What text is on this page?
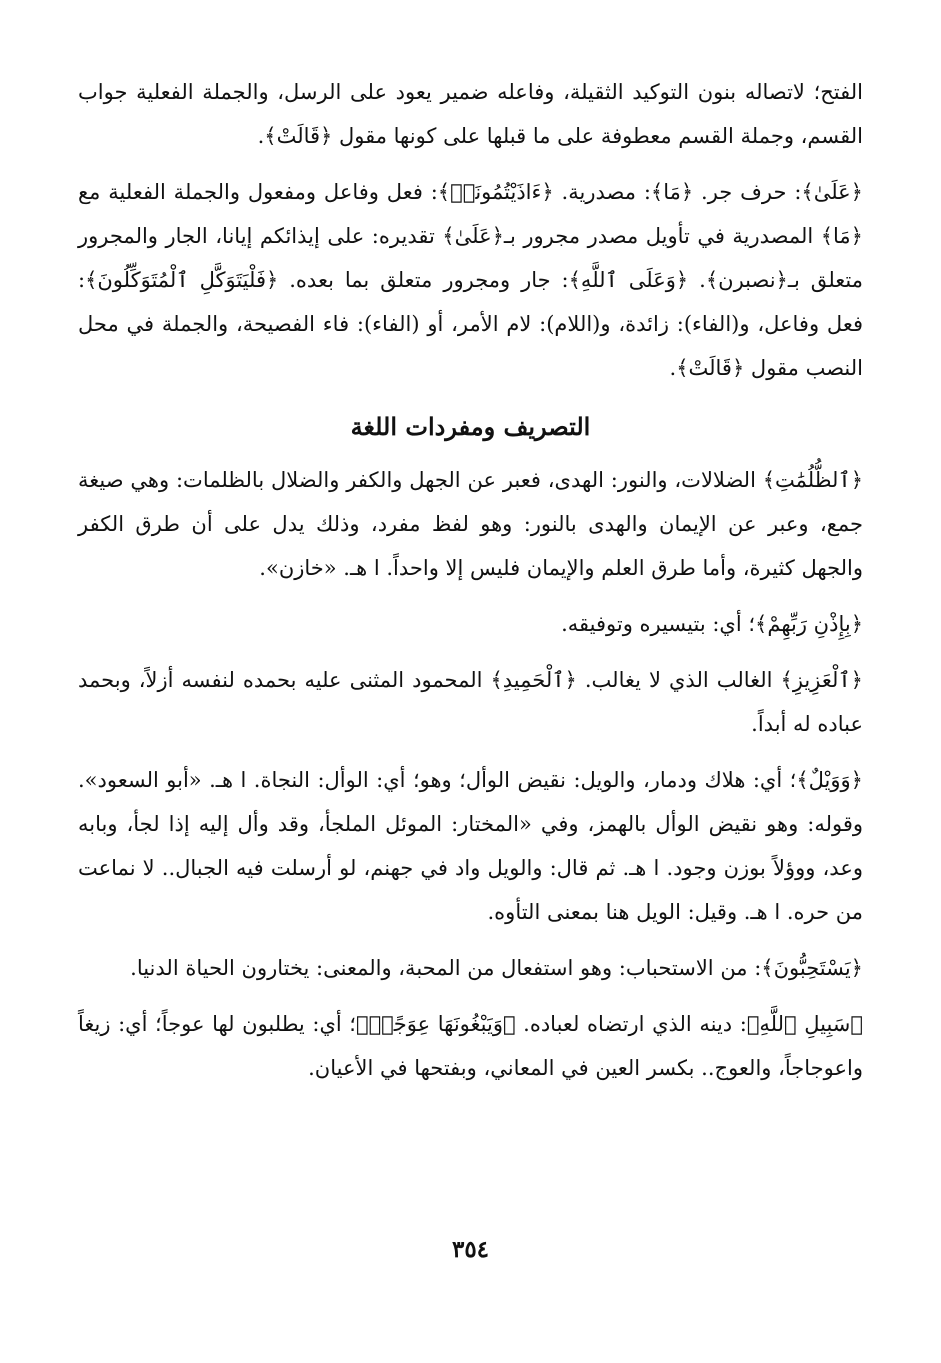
الفتح؛ لاتصاله بنون التوكيد الثقيلة، وفاعله ضمير يعود على الرسل، والجملة الفعلية جواب القسم، وجملة القسم معطوفة على ما قبلها على كونها مقول ﴿قَالَتْ﴾.

﴿عَلَىٰ﴾: حرف جر. ﴿مَا﴾: مصدرية. ﴿ءَاذَيْتُمُونَاۚ﴾: فعل وفاعل ومفعول والجملة الفعلية مع ﴿مَا﴾ المصدرية في تأويل مصدر مجرور بـ﴿عَلَىٰ﴾ تقديره: على إيذائكم إيانا، الجار والمجرور متعلق بـ﴿نصبرن﴾. ﴿وَعَلَى ٱللَّهِ﴾: جار ومجرور متعلق بما بعده. ﴿فَلْيَتَوَكَّلِ ٱلْمُتَوَكِّلُونَ﴾: فعل وفاعل، و(الفاء): زائدة، و(اللام): لام الأمر، أو (الفاء): فاء الفصيحة، والجملة في محل النصب مقول ﴿قَالَتْ﴾.

التصريف ومفردات اللغة

﴿ٱلظُّلُمَٰتِ﴾ الضلالات، والنور: الهدى، فعبر عن الجهل والكفر والضلال بالظلمات: وهي صيغة جمع، وعبر عن الإيمان والهدى بالنور: وهو لفظ مفرد، وذلك يدل على أن طرق الكفر والجهل كثيرة، وأما طرق العلم والإيمان فليس إلا واحداً. ا هـ. «خازن».

﴿بِإِذْنِ رَبِّهِمْ﴾؛ أي: بتيسيره وتوفيقه.

﴿ٱلْعَزِيزِ﴾ الغالب الذي لا يغالب. ﴿ٱلْحَمِيدِ﴾ المحمود المثنى عليه بحمده لنفسه أزلاً، وبحمد عباده له أبداً.

﴿وَوَيْلٌ﴾؛ أي: هلاك ودمار، والويل: نقيض الوأل؛ وهو؛ أي: الوأل: النجاة. ا هـ. «أبو السعود». وقوله: وهو نقيض الوأل بالهمز، وفي «المختار: الموئل الملجأ، وقد وأل إليه إذا لجأ، وبابه وعد، ووؤلاً بوزن وجود. ا هـ. ثم قال: والويل واد في جهنم، لو أرسلت فيه الجبال.. لا نماعت من حره. ا هـ. وقيل: الويل هنا بمعنى التأوه.

﴿يَسْتَحِبُّونَ﴾: من الاستحباب: وهو استفعال من المحبة، والمعنى: يختارون الحياة الدنيا.

﴿سَبِيلِ ٱللَّهِ﴾: دينه الذي ارتضاه لعباده. ﴿وَيَبْغُونَهَا عِوَجًاۚ﴾؛ أي: يطلبون لها عوجاً؛ أي: زيغاً واعوجاجاً، والعوج.. بكسر العين في المعاني، وبفتحها في الأعيان.

٣٥٤
